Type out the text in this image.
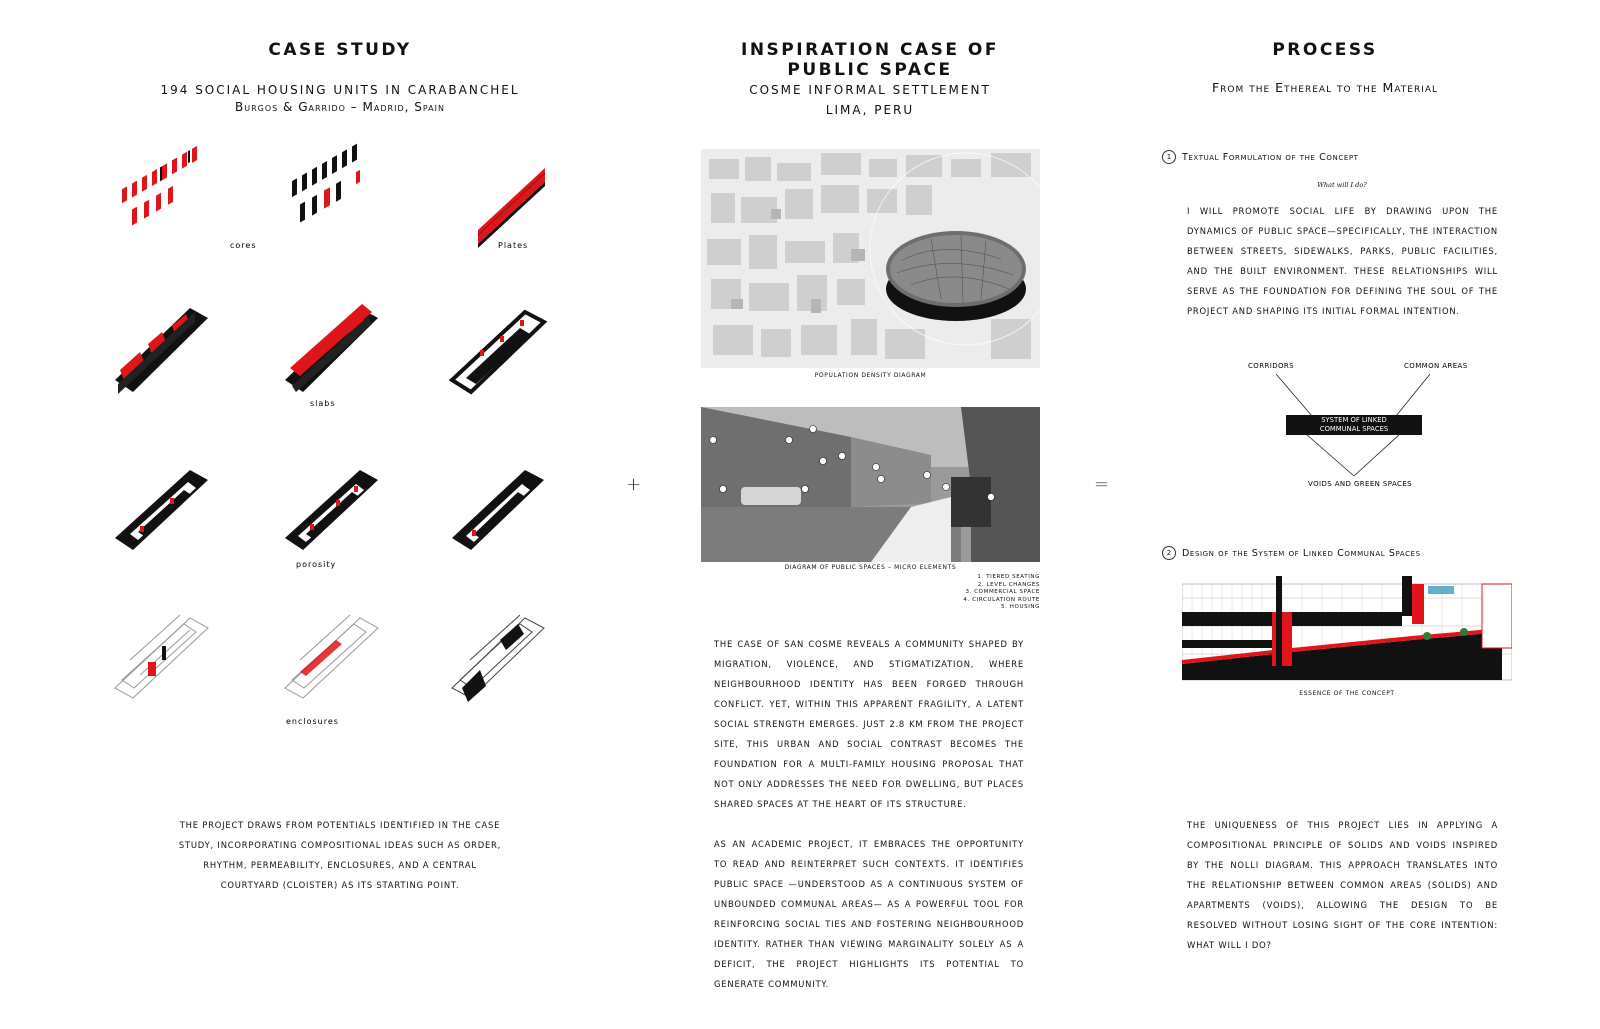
CASE STUDY
194 SOCIAL HOUSING UNITS IN CARABANCHEL
Burgos & Garrido – Madrid, Spain
cores	Plates
slabs
porosity
enclosures
THE PROJECT DRAWS FROM POTENTIALS IDENTIFIED IN THE CASE STUDY, INCORPORATING COMPOSITIONAL IDEAS SUCH AS ORDER, RHYTHM, PERMEABILITY, ENCLOSURES, AND A CENTRAL COURTYARD (CLOISTER) AS ITS STARTING POINT.
+	=
INSPIRATION CASE OF PUBLIC SPACE
COSME INFORMAL SETTLEMENT
LIMA, PERU
POPULATION DENSITY DIAGRAM
DIAGRAM OF PUBLIC SPACES – MICRO ELEMENTS
1. TIERED SEATING
2. LEVEL CHANGES
3. COMMERCIAL SPACE
4. CIRCULATION ROUTE
5. HOUSING
THE CASE OF SAN COSME REVEALS A COMMUNITY SHAPED BY MIGRATION, VIOLENCE, AND STIGMATIZATION, WHERE NEIGHBOURHOOD IDENTITY HAS BEEN FORGED THROUGH CONFLICT. YET, WITHIN THIS APPARENT FRAGILITY, A LATENT SOCIAL STRENGTH EMERGES. JUST 2.8 KM FROM THE PROJECT SITE, THIS URBAN AND SOCIAL CONTRAST BECOMES THE FOUNDATION FOR A MULTI-FAMILY HOUSING PROPOSAL THAT NOT ONLY ADDRESSES THE NEED FOR DWELLING, BUT PLACES SHARED SPACES AT THE HEART OF ITS STRUCTURE.
AS AN ACADEMIC PROJECT, IT EMBRACES THE OPPORTUNITY TO READ AND REINTERPRET SUCH CONTEXTS. IT IDENTIFIES PUBLIC SPACE —UNDERSTOOD AS A CONTINUOUS SYSTEM OF UNBOUNDED COMMUNAL AREAS— AS A POWERFUL TOOL FOR REINFORCING SOCIAL TIES AND FOSTERING NEIGHBOURHOOD IDENTITY. RATHER THAN VIEWING MARGINALITY SOLELY AS A DEFICIT, THE PROJECT HIGHLIGHTS ITS POTENTIAL TO GENERATE COMMUNITY.
PROCESS
From the Ethereal to the Material
1	Textual Formulation of the Concept
What will I do?
I WILL PROMOTE SOCIAL LIFE BY DRAWING UPON THE DYNAMICS OF PUBLIC SPACE—SPECIFICALLY, THE INTERACTION BETWEEN STREETS, SIDEWALKS, PARKS, PUBLIC FACILITIES, AND THE BUILT ENVIRONMENT. THESE RELATIONSHIPS WILL SERVE AS THE FOUNDATION FOR DEFINING THE SOUL OF THE PROJECT AND SHAPING ITS INITIAL FORMAL INTENTION.
CORRIDORS	COMMON AREAS
SYSTEM OF LINKED COMMUNAL SPACES
VOIDS AND GREEN SPACES
2	Design of the System of Linked Communal Spaces
ESSENCE OF THE CONCEPT
THE UNIQUENESS OF THIS PROJECT LIES IN APPLYING A COMPOSITIONAL PRINCIPLE OF SOLIDS AND VOIDS INSPIRED BY THE NOLLI DIAGRAM. THIS APPROACH TRANSLATES INTO THE RELATIONSHIP BETWEEN COMMON AREAS (SOLIDS) AND APARTMENTS (VOIDS), ALLOWING THE DESIGN TO BE RESOLVED WITHOUT LOSING SIGHT OF THE CORE INTENTION: WHAT WILL I DO?
